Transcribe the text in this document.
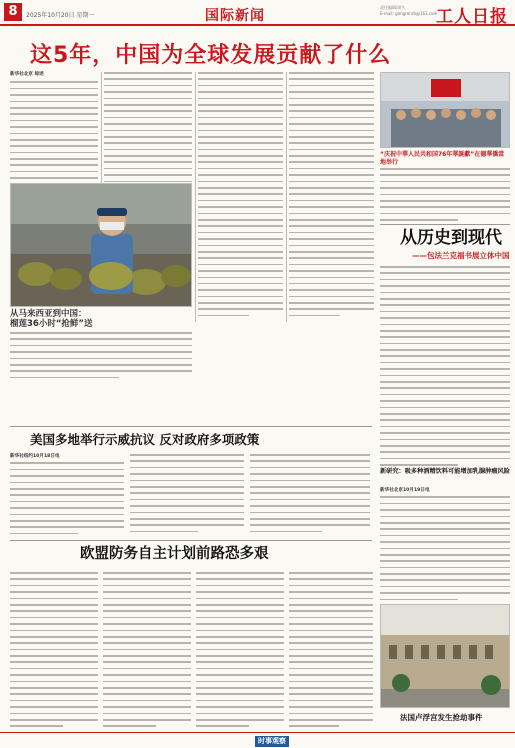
8	2025年10月20日 星期一	国际新闻
责任编辑/胡久
E-mail: gongrenrb@163.com
工人日报
这5年，中国为全球发展贡献了什么
新华社北京 综述
从马来西亚到中国：
榴莲36小时“抢鲜”送
“庆祝中華人民共和国76年華誕獻”在德華僑當地举行
从历史到现代
——包法兰克福书展立体中国
美国多地举行示威抗议 反对政府多项政策
新华社纽约10月18日电
新研究：吸多种酒精饮料可能增加乳腺肿瘤风险
新华社北京10月19日电
欧盟防务自主计划前路恐多艰
法国卢浮宫发生抢劫事件
时事观察
